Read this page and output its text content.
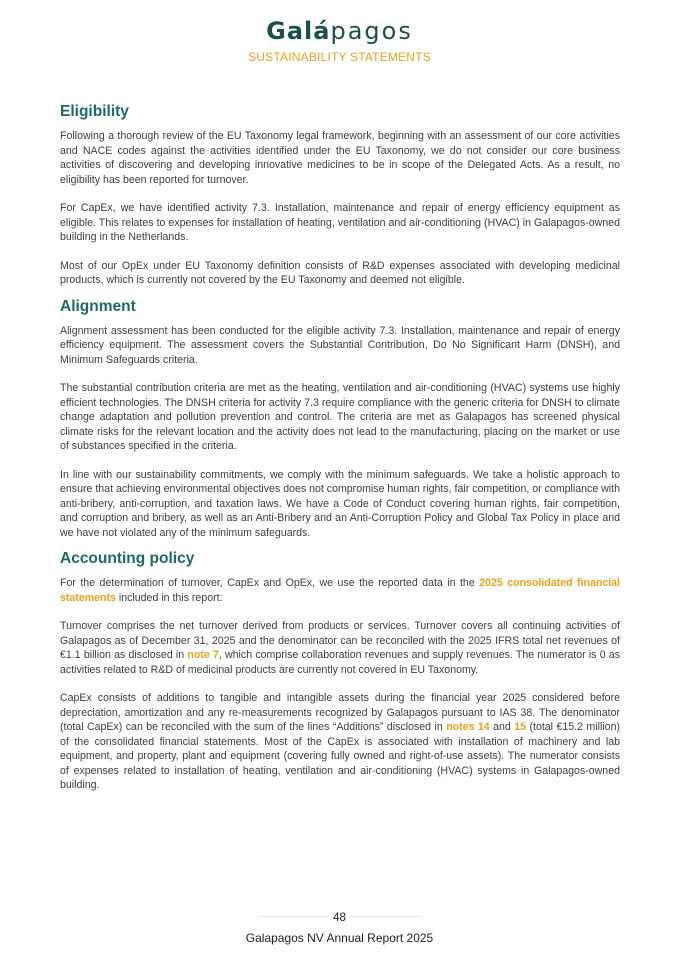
Galápagos
SUSTAINABILITY STATEMENTS
Eligibility

Following a thorough review of the EU Taxonomy legal framework, beginning with an assessment of our core activities and NACE codes against the activities identified under the EU Taxonomy, we do not consider our core business activities of discovering and developing innovative medicines to be in scope of the Delegated Acts. As a result, no eligibility has been reported for turnover.

For CapEx, we have identified activity 7.3. Installation, maintenance and repair of energy efficiency equipment as eligible. This relates to expenses for installation of heating, ventilation and air-conditioning (HVAC) in Galapagos-owned building in the Netherlands.

Most of our OpEx under EU Taxonomy definition consists of R&D expenses associated with developing medicinal products, which is currently not covered by the EU Taxonomy and deemed not eligible.

Alignment

Alignment assessment has been conducted for the eligible activity 7.3. Installation, maintenance and repair of energy efficiency equipment. The assessment covers the Substantial Contribution, Do No Significant Harm (DNSH), and Minimum Safeguards criteria.

The substantial contribution criteria are met as the heating, ventilation and air-conditioning (HVAC) systems use highly efficient technologies. The DNSH criteria for activity 7.3 require compliance with the generic criteria for DNSH to climate change adaptation and pollution prevention and control. The criteria are met as Galapagos has screened physical climate risks for the relevant location and the activity does not lead to the manufacturing, placing on the market or use of substances specified in the criteria.

In line with our sustainability commitments, we comply with the minimum safeguards. We take a holistic approach to ensure that achieving environmental objectives does not compromise human rights, fair competition, or compliance with anti-bribery, anti-corruption, and taxation laws. We have a Code of Conduct covering human rights, fair competition, and corruption and bribery, as well as an Anti-Bribery and an Anti-Corruption Policy and Global Tax Policy in place and we have not violated any of the minimum safeguards.

Accounting policy

For the determination of turnover, CapEx and OpEx, we use the reported data in the 2025 consolidated financial statements included in this report:

Turnover comprises the net turnover derived from products or services. Turnover covers all continuing activities of Galapagos as of December 31, 2025 and the denominator can be reconciled with the 2025 IFRS total net revenues of €1.1 billion as disclosed in note 7, which comprise collaboration revenues and supply revenues. The numerator is 0 as activities related to R&D of medicinal products are currently not covered in EU Taxonomy.

CapEx consists of additions to tangible and intangible assets during the financial year 2025 considered before depreciation, amortization and any re-measurements recognized by Galapagos pursuant to IAS 38. The denominator (total CapEx) can be reconciled with the sum of the lines “Additions” disclosed in notes 14 and 15 (total €15.2 million) of the consolidated financial statements. Most of the CapEx is associated with installation of machinery and lab equipment, and property, plant and equipment (covering fully owned and right-of-use assets). The numerator consists of expenses related to installation of heating, ventilation and air-conditioning (HVAC) systems in Galapagos-owned building.

48
Galapagos NV Annual Report 2025
